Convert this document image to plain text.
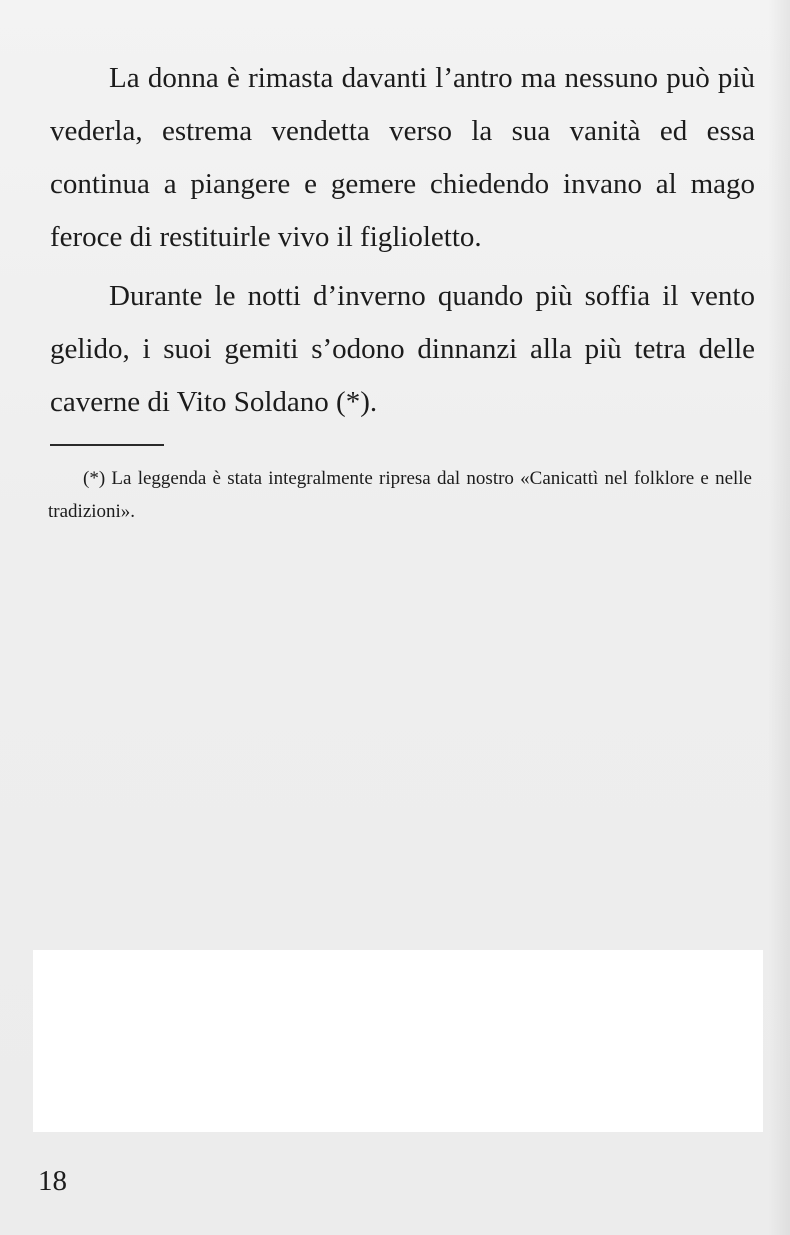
La donna è rimasta davanti l’antro ma nessuno può più vederla, estrema vendetta verso la sua vanità ed essa continua a piangere e gemere chiedendo invano al mago feroce di restituirle vivo il figlioletto.

Durante le notti d’inverno quando più soffia il vento gelido, i suoi gemiti s’odono dinnanzi alla più tetra delle caverne di Vito Soldano (*).

(*) La leggenda è stata integralmente ripresa dal nostro «Canicattì nel folklore e nelle tradizioni».

18
